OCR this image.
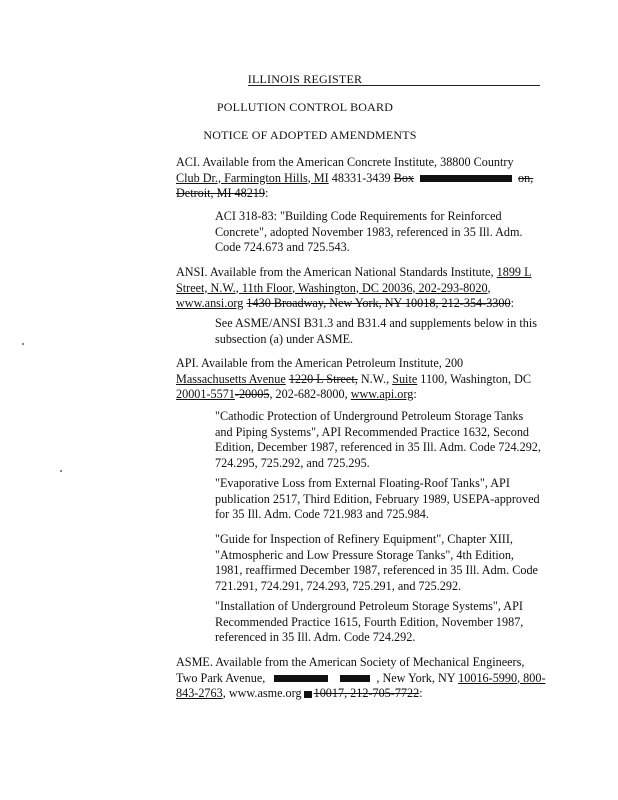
ILLINOIS REGISTER
POLLUTION CONTROL BOARD
NOTICE OF ADOPTED AMENDMENTS
ACI. Available from the American Concrete Institute, 38800 Country
Club Dr., Farmington Hills, MI 48331-3439 Box	on,
Detroit, MI 48219:
ACI 318-83: "Building Code Requirements for Reinforced
Concrete", adopted November 1983, referenced in 35 Ill. Adm.
Code 724.673 and 725.543.
ANSI. Available from the American National Standards Institute, 1899 L
Street, N.W., 11th Floor, Washington, DC 20036, 202-293-8020,
www.ansi.org 1430 Broadway, New York, NY 10018, 212-354-3300:
See ASME/ANSI B31.3 and B31.4 and supplements below in this
subsection (a) under ASME.
API. Available from the American Petroleum Institute, 200
Massachusetts Avenue 1220 L Street, N.W., Suite 1100, Washington, DC
20001-5571-20005, 202-682-8000, www.api.org:
"Cathodic Protection of Underground Petroleum Storage Tanks
and Piping Systems", API Recommended Practice 1632, Second
Edition, December 1987, referenced in 35 Ill. Adm. Code 724.292,
724.295, 725.292, and 725.295.
"Evaporative Loss from External Floating-Roof Tanks", API
publication 2517, Third Edition, February 1989, USEPA-approved
for 35 Ill. Adm. Code 721.983 and 725.984.
"Guide for Inspection of Refinery Equipment", Chapter XIII,
"Atmospheric and Low Pressure Storage Tanks", 4th Edition,
1981, reaffirmed December 1987, referenced in 35 Ill. Adm. Code
721.291, 724.291, 724.293, 725.291, and 725.292.
"Installation of Underground Petroleum Storage Systems", API
Recommended Practice 1615, Fourth Edition, November 1987,
referenced in 35 Ill. Adm. Code 724.292.
ASME. Available from the American Society of Mechanical Engineers,
Two Park Avenue,	, New York, NY 10016-5990, 800-
843-2763, www.asme.org 10017, 212-705-7722:
